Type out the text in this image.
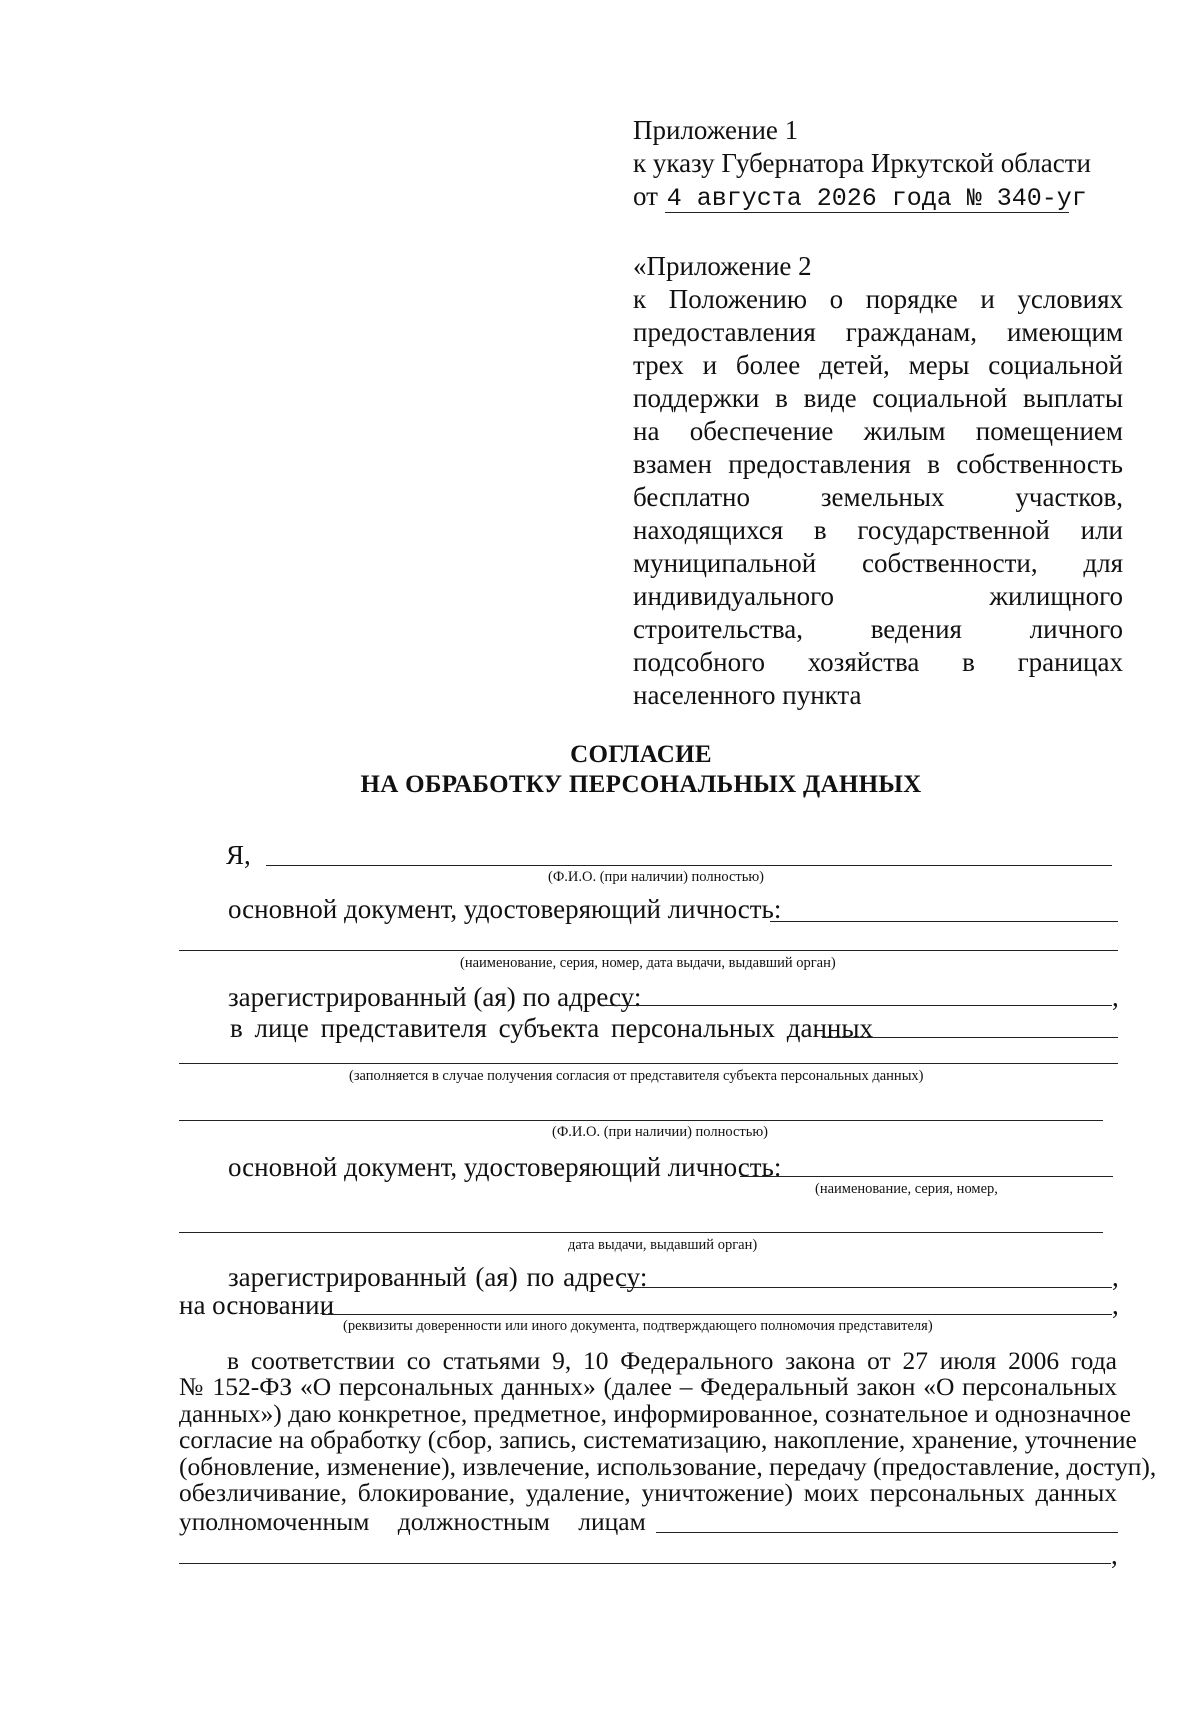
Приложение 1
к указу Губернатора Иркутской области
от 4 августа 2026 года № 340-уг
«Приложение 2
к Положению о порядке и условиях
предоставления гражданам, имеющим
трех и более детей, меры социальной
поддержки в виде социальной выплаты
на обеспечение жилым помещением
взамен предоставления в собственность
бесплатно земельных участков,
находящихся в государственной или
муниципальной собственности, для
индивидуального жилищного
строительства, ведения личного
подсобного хозяйства в границах
населенного пункта
СОГЛАСИЕ
НА ОБРАБОТКУ ПЕРСОНАЛЬНЫХ ДАННЫХ
Я,
(Ф.И.О. (при наличии) полностью)
основной документ, удостоверяющий личность:
(наименование, серия, номер, дата выдачи, выдавший орган)
зарегистрированный (ая) по адресу:	,
в лице представителя субъекта персональных данных
(заполняется в случае получения согласия от представителя субъекта персональных данных)
(Ф.И.О. (при наличии) полностью)
основной документ, удостоверяющий личность:
(наименование, серия, номер,
дата выдачи, выдавший орган)
зарегистрированный (ая) по адресу:	,
на основании	,
(реквизиты доверенности или иного документа, подтверждающего полномочия представителя)
в соответствии со статьями 9, 10 Федерального закона от 27 июля 2006 года
№ 152-ФЗ «О персональных данных» (далее – Федеральный закон «О персональных
данных») даю конкретное, предметное, информированное, сознательное и однозначное
согласие на обработку (сбор, запись, систематизацию, накопление, хранение, уточнение
(обновление, изменение), извлечение, использование, передачу (предоставление, доступ),
обезличивание, блокирование, удаление, уничтожение) моих персональных данных
уполномоченным должностным лицам
,
